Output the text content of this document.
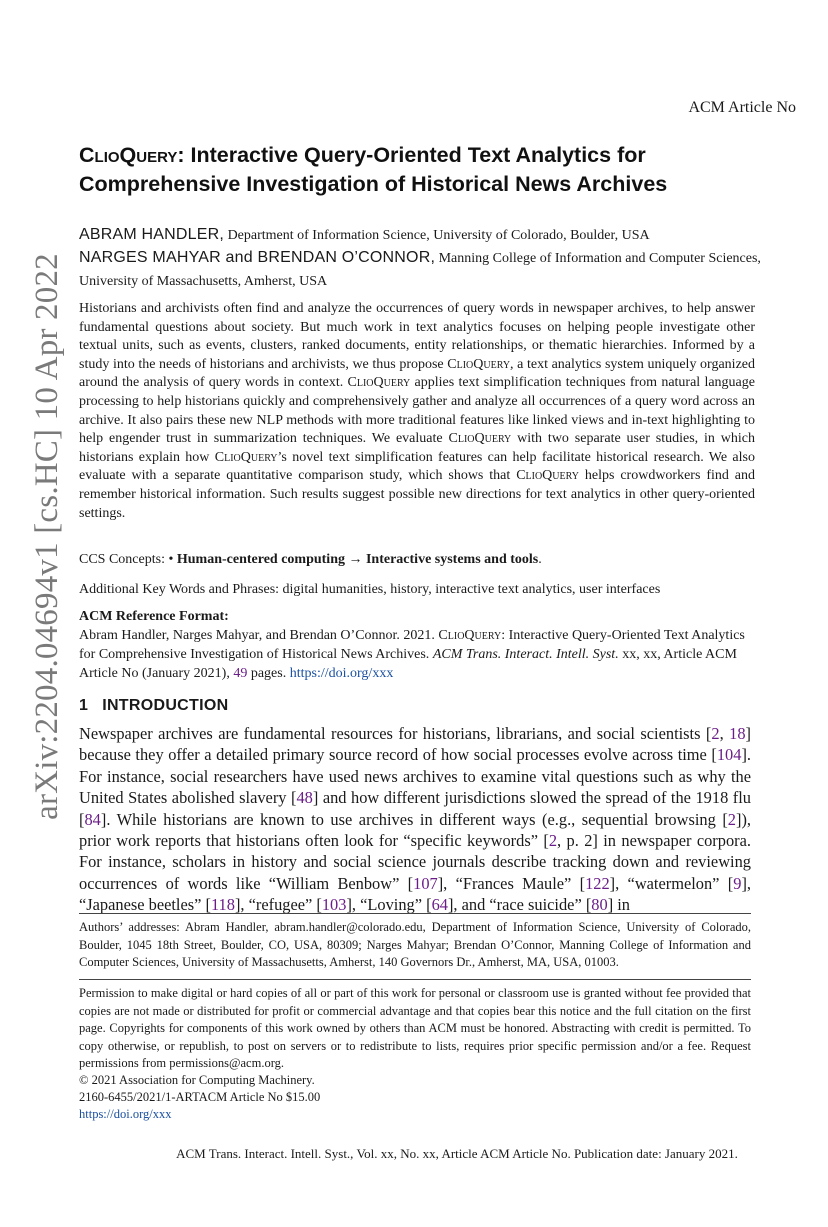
arXiv:2204.04694v1 [cs.HC] 10 Apr 2022
ACM Article No
ClioQuery: Interactive Query-Oriented Text Analytics for Comprehensive Investigation of Historical News Archives
ABRAM HANDLER, Department of Information Science, University of Colorado, Boulder, USA
NARGES MAHYAR and BRENDAN O’CONNOR, Manning College of Information and Computer Sciences, University of Massachusetts, Amherst, USA

Historians and archivists often find and analyze the occurrences of query words in newspaper archives, to help answer fundamental questions about society. But much work in text analytics focuses on helping people investigate other textual units, such as events, clusters, ranked documents, entity relationships, or thematic hierarchies. Informed by a study into the needs of historians and archivists, we thus propose ClioQuery, a text analytics system uniquely organized around the analysis of query words in context. ClioQuery applies text simplification techniques from natural language processing to help historians quickly and comprehensively gather and analyze all occurrences of a query word across an archive. It also pairs these new NLP methods with more traditional features like linked views and in-text highlighting to help engender trust in summarization techniques. We evaluate ClioQuery with two separate user studies, in which historians explain how ClioQuery’s novel text simplification features can help facilitate historical research. We also evaluate with a separate quantitative comparison study, which shows that ClioQuery helps crowdworkers find and remember historical information. Such results suggest possible new directions for text analytics in other query-oriented settings.

CCS Concepts: • Human-centered computing → Interactive systems and tools.

Additional Key Words and Phrases: digital humanities, history, interactive text analytics, user interfaces

ACM Reference Format:

Abram Handler, Narges Mahyar, and Brendan O’Connor. 2021. ClioQuery: Interactive Query-Oriented Text Analytics for Comprehensive Investigation of Historical News Archives. ACM Trans. Interact. Intell. Syst. xx, xx, Article ACM Article No (January 2021), 49 pages. https://doi.org/xxx

1 INTRODUCTION

Newspaper archives are fundamental resources for historians, librarians, and social scientists [2, 18] because they offer a detailed primary source record of how social processes evolve across time [104]. For instance, social researchers have used news archives to examine vital questions such as why the United States abolished slavery [48] and how different jurisdictions slowed the spread of the 1918 flu [84]. While historians are known to use archives in different ways (e.g., sequential browsing [2]), prior work reports that historians often look for “specific keywords” [2, p. 2] in newspaper corpora. For instance, scholars in history and social science journals describe tracking down and reviewing occurrences of words like “William Benbow” [107], “Frances Maule” [122], “watermelon” [9], “Japanese beetles” [118], “refugee” [103], “Loving” [64], and “race suicide” [80] in

Authors’ addresses: Abram Handler, abram.handler@colorado.edu, Department of Information Science, University of Colorado, Boulder, 1045 18th Street, Boulder, CO, USA, 80309; Narges Mahyar; Brendan O’Connor, Manning College of Information and Computer Sciences, University of Massachusetts, Amherst, 140 Governors Dr., Amherst, MA, USA, 01003.

Permission to make digital or hard copies of all or part of this work for personal or classroom use is granted without fee provided that copies are not made or distributed for profit or commercial advantage and that copies bear this notice and the full citation on the first page. Copyrights for components of this work owned by others than ACM must be honored. Abstracting with credit is permitted. To copy otherwise, or republish, to post on servers or to redistribute to lists, requires prior specific permission and/or a fee. Request permissions from permissions@acm.org.

© 2021 Association for Computing Machinery.

2160-6455/2021/1-ARTACM Article No $15.00

https://doi.org/xxx

ACM Trans. Interact. Intell. Syst., Vol. xx, No. xx, Article ACM Article No. Publication date: January 2021.
